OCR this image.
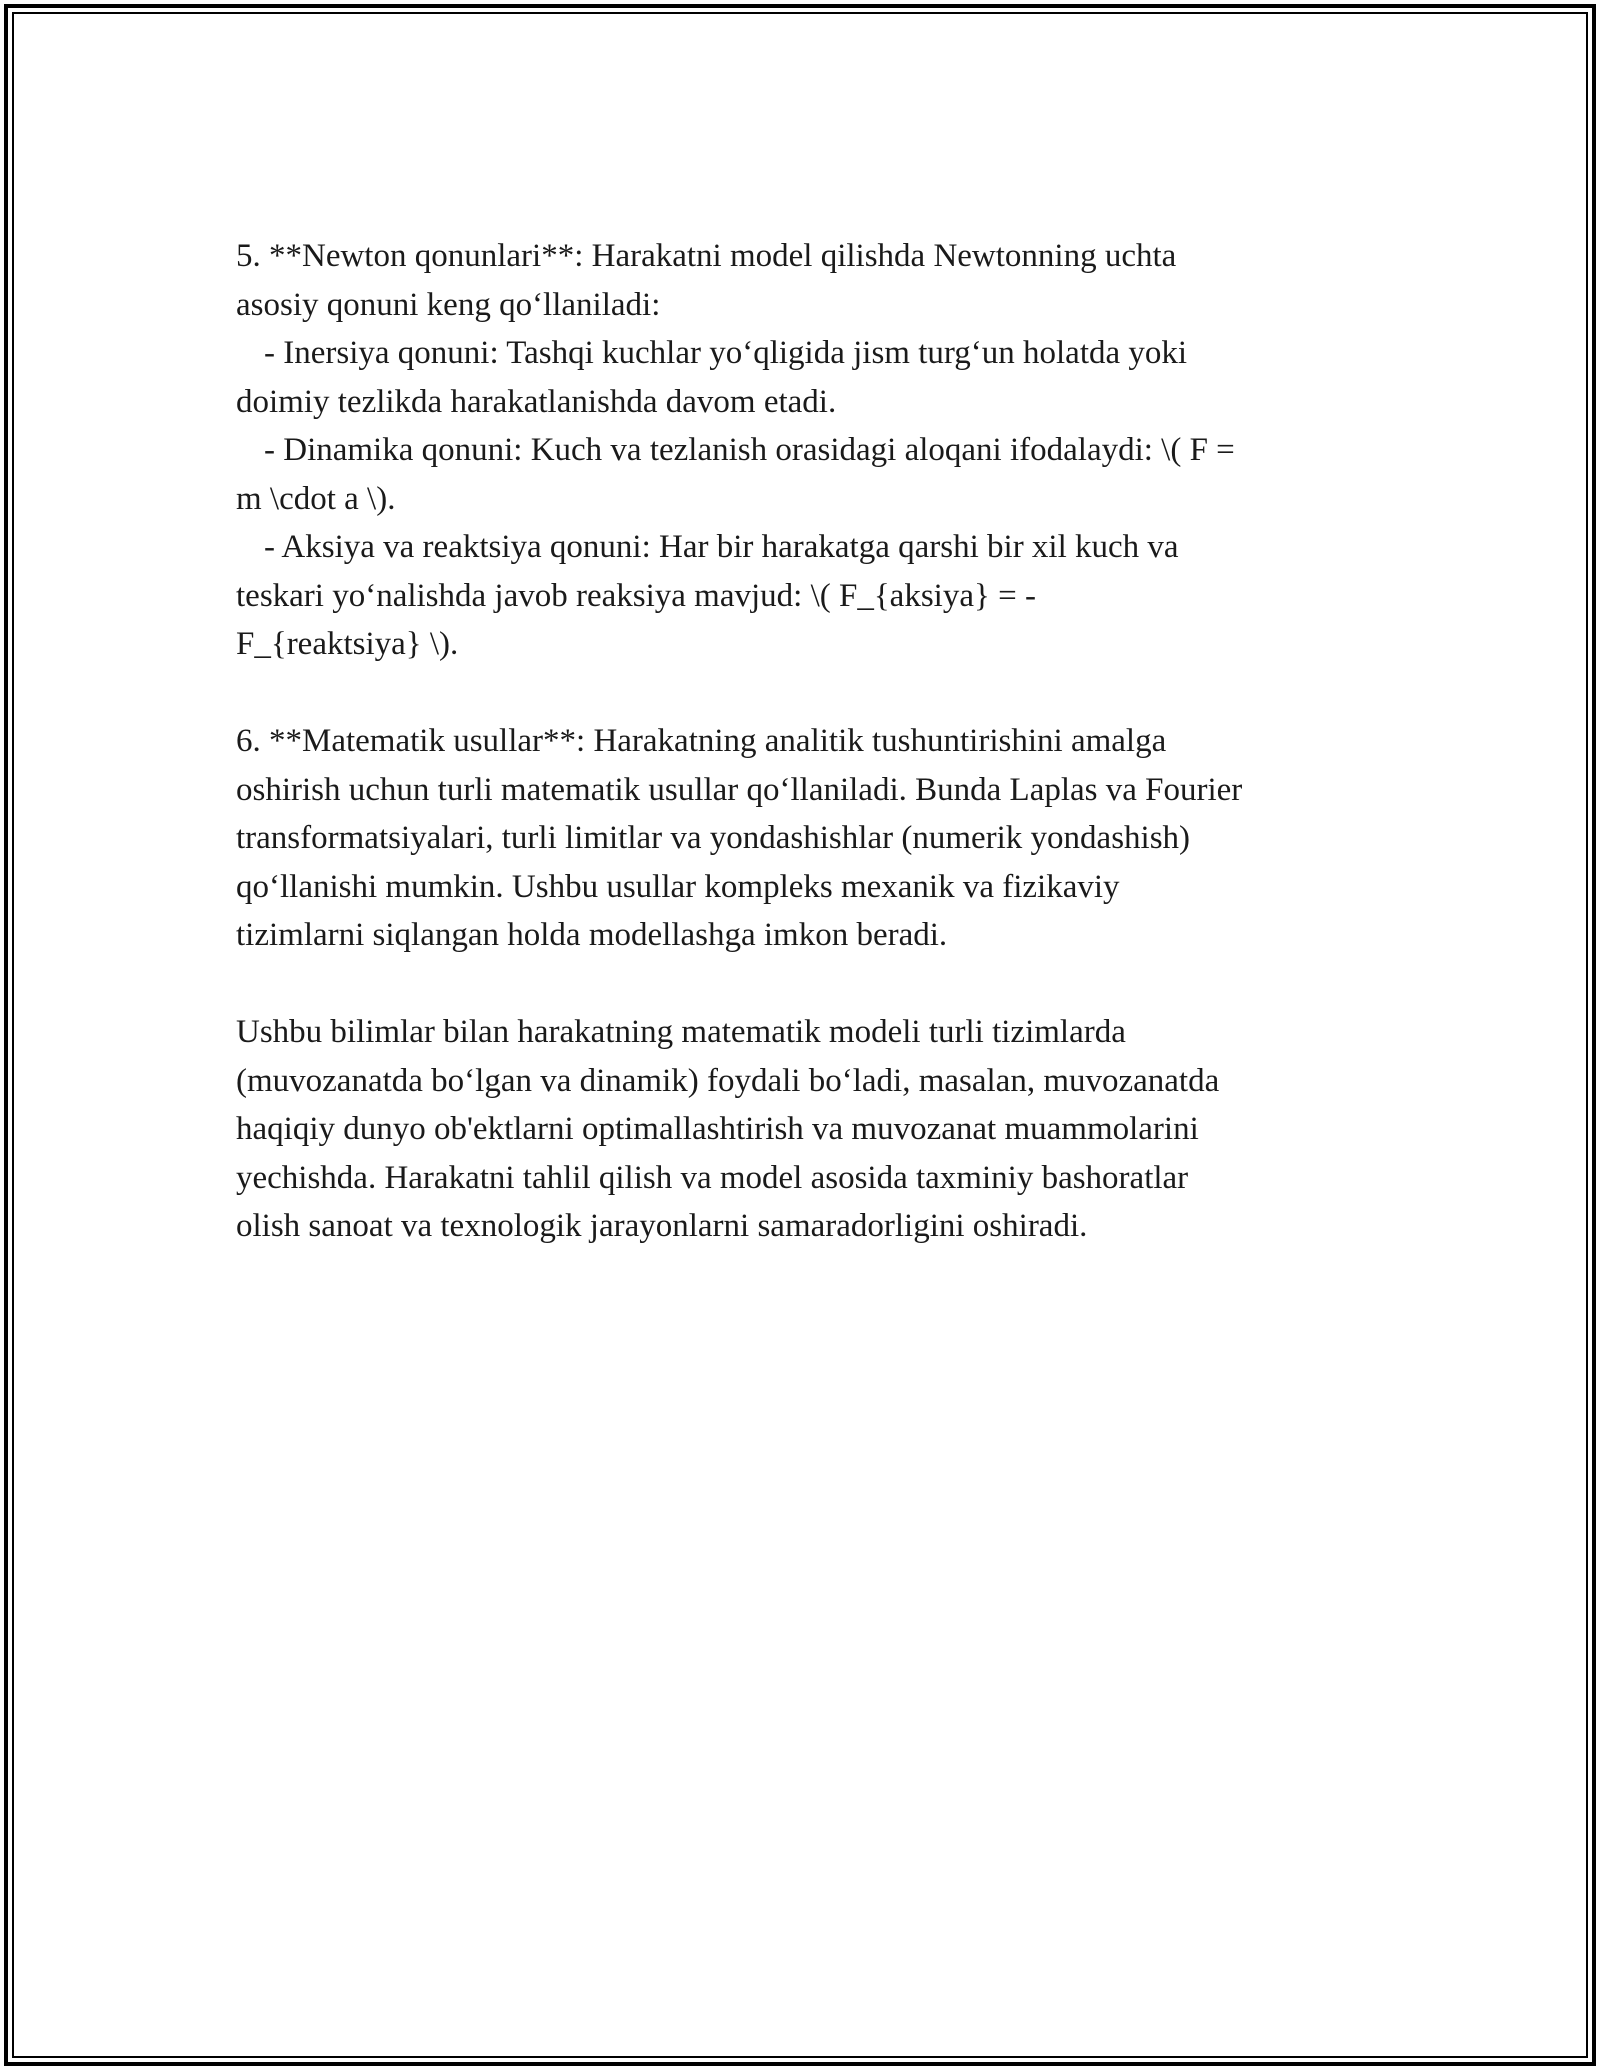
5. **Newton qonunlari**: Harakatni model qilishda Newtonning uchta

asosiy qonuni keng qo‘llaniladi:

- Inersiya qonuni: Tashqi kuchlar yo‘qligida jism turg‘un holatda yoki

doimiy tezlikda harakatlanishda davom etadi.

- Dinamika qonuni: Kuch va tezlanish orasidagi aloqani ifodalaydi: \( F =

m \cdot a \).

- Aksiya va reaktsiya qonuni: Har bir harakatga qarshi bir xil kuch va

teskari yo‘nalishda javob reaksiya mavjud: \( F_{aksiya} = -

F_{reaktsiya} \).

6. **Matematik usullar**: Harakatning analitik tushuntirishini amalga

oshirish uchun turli matematik usullar qo‘llaniladi. Bunda Laplas va Fourier

transformatsiyalari, turli limitlar va yondashishlar (numerik yondashish)

qo‘llanishi mumkin. Ushbu usullar kompleks mexanik va fizikaviy

tizimlarni siqlangan holda modellashga imkon beradi.

Ushbu bilimlar bilan harakatning matematik modeli turli tizimlarda

(muvozanatda bo‘lgan va dinamik) foydali bo‘ladi, masalan, muvozanatda

haqiqiy dunyo ob'ektlarni optimallashtirish va muvozanat muammolarini

yechishda. Harakatni tahlil qilish va model asosida taxminiy bashoratlar

olish sanoat va texnologik jarayonlarni samaradorligini oshiradi.
